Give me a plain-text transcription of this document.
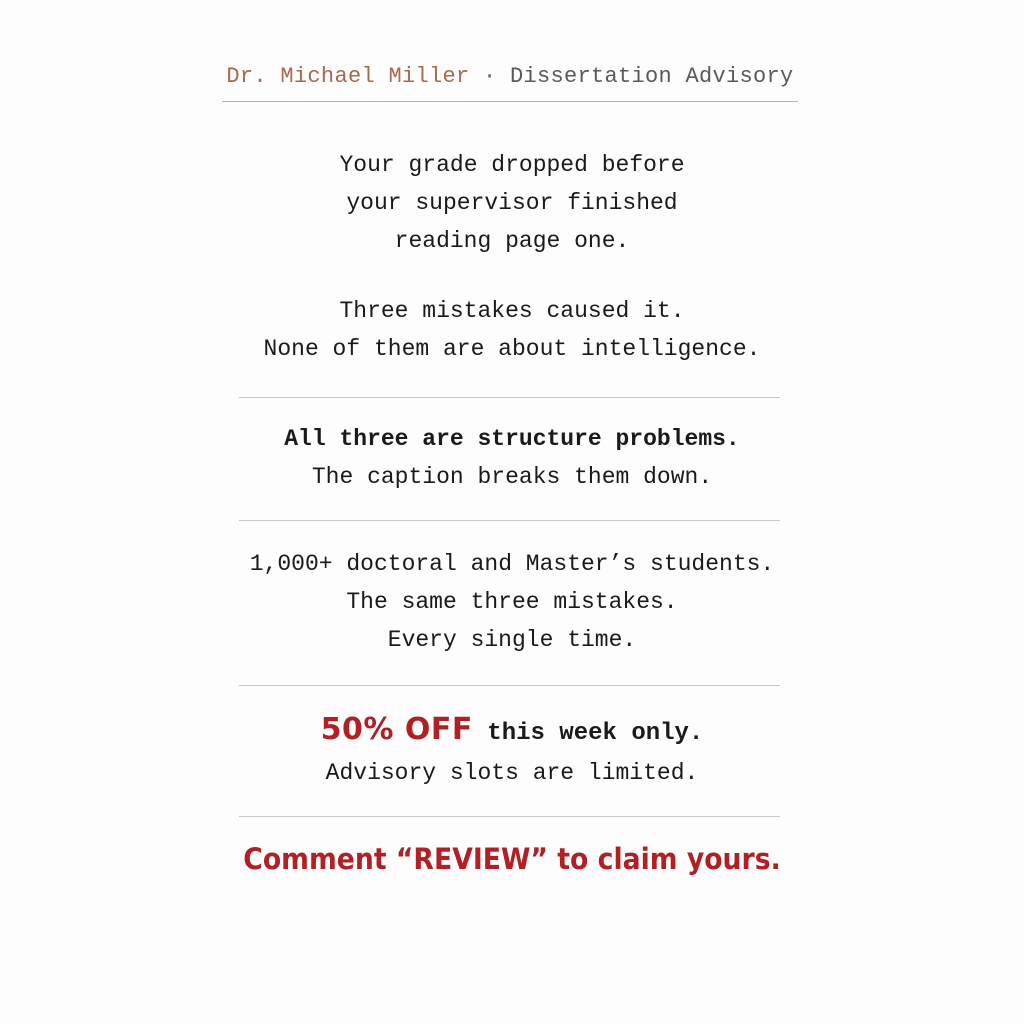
Dr. Michael Miller · Dissertation Advisory
Your grade dropped before
your supervisor finished
reading page one.
Three mistakes caused it.
None of them are about intelligence.
All three are structure problems.
The caption breaks them down.
1,000+ doctoral and Master’s students.
The same three mistakes.
Every single time.
50% OFF this week only.
Advisory slots are limited.
Comment “REVIEW” to claim yours.
